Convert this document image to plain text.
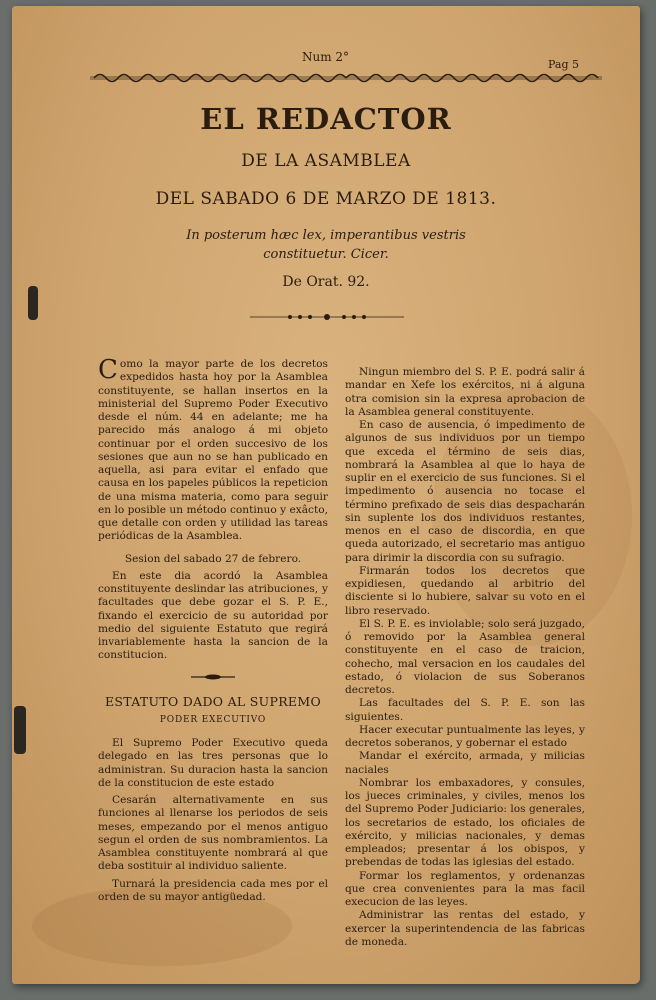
Num 2°
Pag 5
EL REDACTOR
DE LA ASAMBLEA
DEL SABADO 6 DE MARZO DE 1813.
In posterum hæc lex, imperantibus vestris
constituetur. Cicer.
De Orat. 92.

Como la mayor parte de los decretos expedidos hasta hoy por la Asamblea constituyente, se hallan insertos en la ministerial del Supremo Poder Executivo desde el núm. 44 en adelante; me ha parecido más analogo á mi objeto continuar por el orden succesivo de los sesiones que aun no se han publicado en aquella, asi para evitar el enfado que causa en los papeles públicos la repeticion de una misma materia, como para seguir en lo posible un método continuo y exâcto, que detalle con orden y utilidad las tareas periódicas de la Asamblea.

Sesion del sabado 27 de febrero.

En este dia acordó la Asamblea constituyente deslindar las atribuciones, y facultades que debe gozar el S. P. E., fixando el exercicio de su autoridad por medio del siguiente Estatuto que regirá invariablemente hasta la sancion de la constitucion.

ESTATUTO DADO AL SUPREMO
PODER EXECUTIVO

El Supremo Poder Executivo queda delegado en las tres personas que lo administran. Su duracion hasta la sancion de la constitucion de este estado

Cesarán alternativamente en sus funciones al llenarse los periodos de seis meses, empezando por el menos antiguo segun el orden de sus nombramientos. La Asamblea constituyente nombrará al que deba sostituir al individuo saliente.

Turnará la presidencia cada mes por el orden de su mayor antigüedad.

Ningun miembro del S. P. E. podrá salir á mandar en Xefe los exércitos, ni á alguna otra comision sin la expresa aprobacion de la Asamblea general constituyente.

En caso de ausencia, ó impedimento de algunos de sus individuos por un tiempo que exceda el término de seis dias, nombrará la Asamblea al que lo haya de suplir en el exercicio de sus funciones. Si el impedimento ó ausencia no tocase el término prefixado de seis dias despacharán sin suplente los dos individuos restantes, menos en el caso de discordia, en que queda autorizado, el secretario mas antiguo para dirimir la discordia con su sufragio.

Firmarán todos los decretos que expidiesen, quedando al arbitrio del disciente si lo hubiere, salvar su voto en el libro reservado.

El S. P. E. es inviolable; solo será juzgado, ó removido por la Asamblea general constituyente en el caso de traicion, cohecho, mal versacion en los caudales del estado, ó violacion de sus Soberanos decretos.

Las facultades del S. P. E. son las siguientes.

Hacer executar puntualmente las leyes, y decretos soberanos, y gobernar el estado

Mandar el exército, armada, y milicias naciales

Nombrar los embaxadores, y consules, los jueces criminales, y civiles, menos los del Supremo Poder Judiciario: los generales, los secretarios de estado, los oficiales de exército, y milicias nacionales, y demas empleados; presentar á los obispos, y prebendas de todas las iglesias del estado.

Formar los reglamentos, y ordenanzas que crea convenientes para la mas facil execucion de las leyes.

Administrar las rentas del estado, y exercer la superintendencia de las fabricas de moneda.
